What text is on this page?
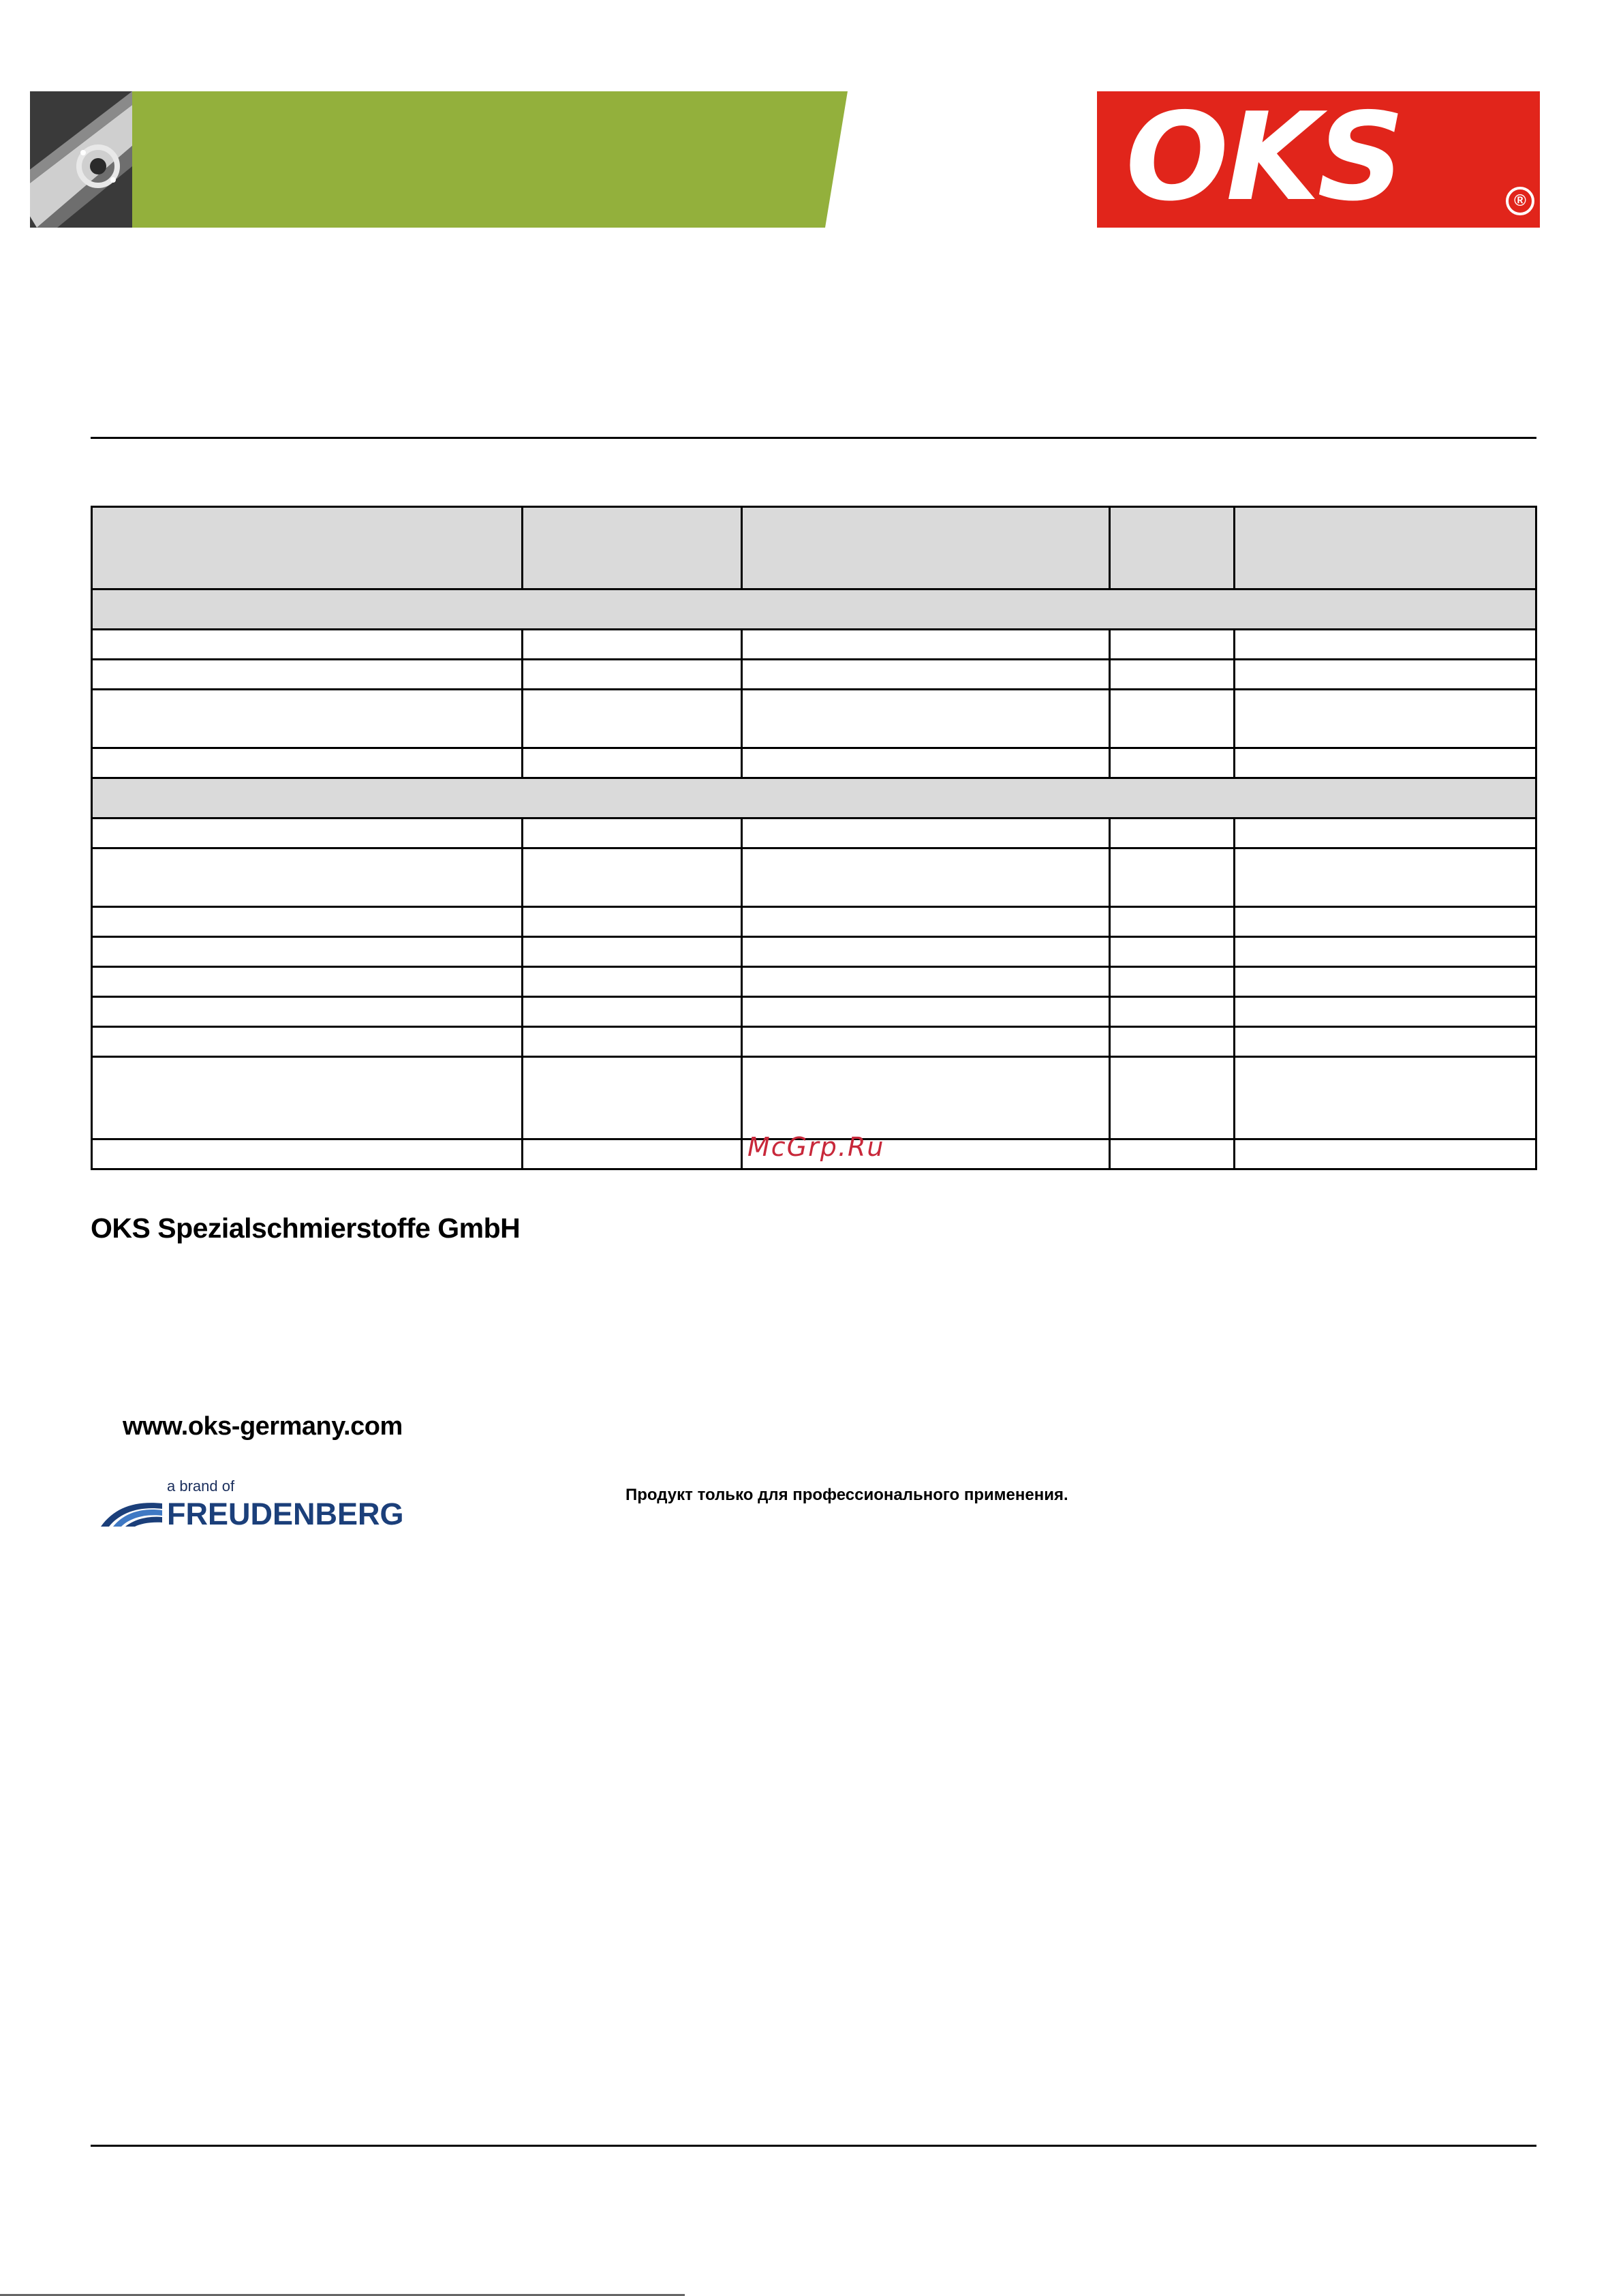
OKS	®

McGrp.Ru
OKS Spezialschmierstoffe GmbH
www.oks-germany.com
a brand of
FREUDENBERG
Продукт только для профессионального применения.
